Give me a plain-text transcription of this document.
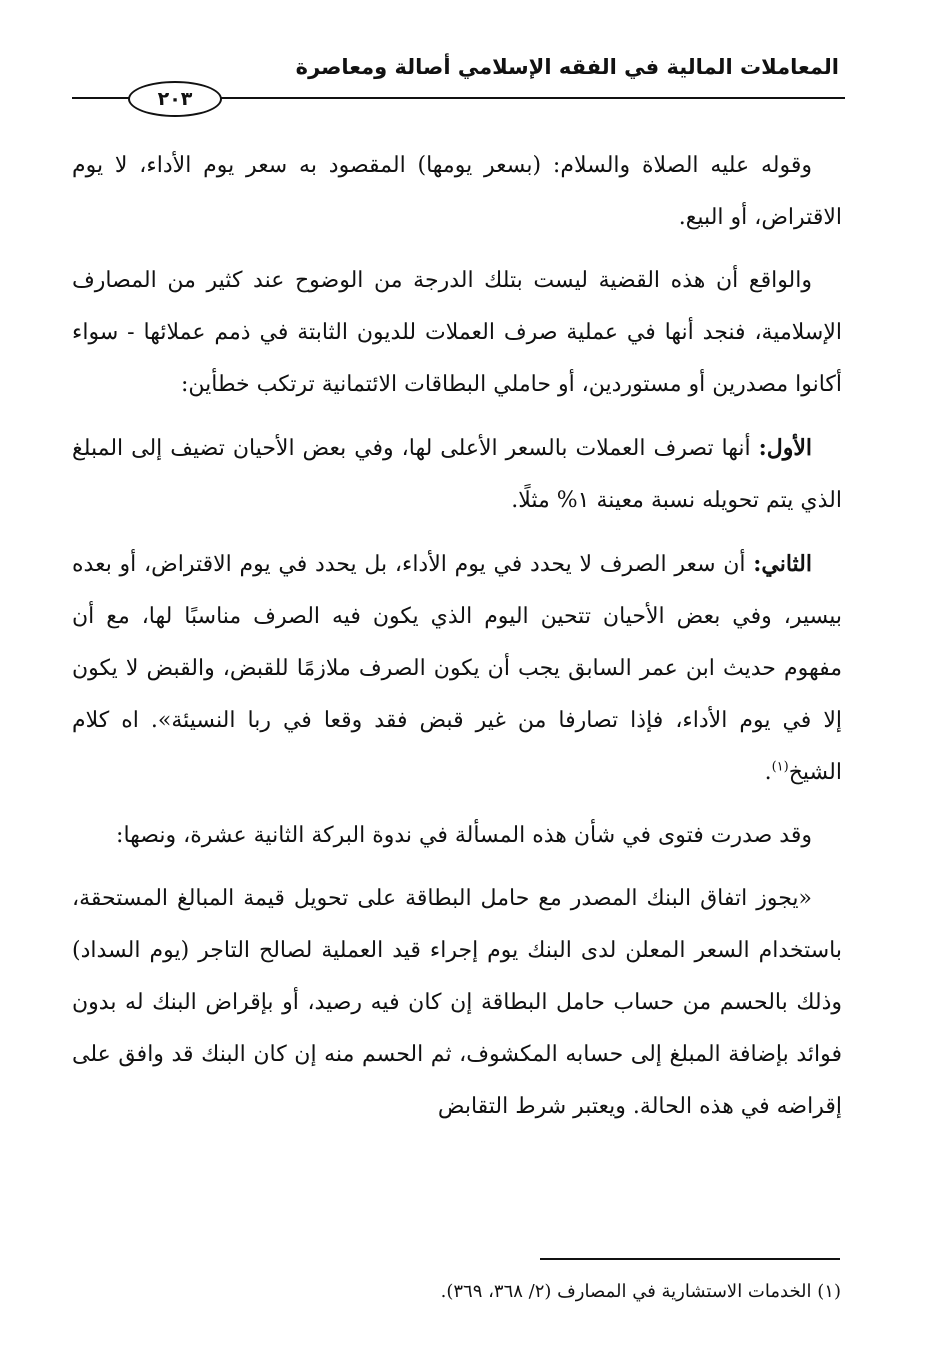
المعاملات المالية في الفقه الإسلامي أصالة ومعاصرة
٢٠٣

وقوله عليه الصلاة والسلام: (بسعر يومها) المقصود به سعر يوم الأداء، لا يوم الاقتراض، أو البيع.

والواقع أن هذه القضية ليست بتلك الدرجة من الوضوح عند كثير من المصارف الإسلامية، فنجد أنها في عملية صرف العملات للديون الثابتة في ذمم عملائها - سواء أكانوا مصدرين أو مستوردين، أو حاملي البطاقات الائتمانية ترتكب خطأين:

الأول: أنها تصرف العملات بالسعر الأعلى لها، وفي بعض الأحيان تضيف إلى المبلغ الذي يتم تحويله نسبة معينة ١% مثلًا.

الثاني: أن سعر الصرف لا يحدد في يوم الأداء، بل يحدد في يوم الاقتراض، أو بعده بيسير، وفي بعض الأحيان تتحين اليوم الذي يكون فيه الصرف مناسبًا لها، مع أن مفهوم حديث ابن عمر السابق يجب أن يكون الصرف ملازمًا للقبض، والقبض لا يكون إلا في يوم الأداء، فإذا تصارفا من غير قبض فقد وقعا في ربا النسيئة». اه كلام الشيخ$^{(١)}$.

وقد صدرت فتوى في شأن هذه المسألة في ندوة البركة الثانية عشرة، ونصها:

«يجوز اتفاق البنك المصدر مع حامل البطاقة على تحويل قيمة المبالغ المستحقة، باستخدام السعر المعلن لدى البنك يوم إجراء قيد العملية لصالح التاجر (يوم السداد) وذلك بالحسم من حساب حامل البطاقة إن كان فيه رصيد، أو بإقراض البنك له بدون فوائد بإضافة المبلغ إلى حسابه المكشوف، ثم الحسم منه إن كان البنك قد وافق على إقراضه في هذه الحالة. ويعتبر شرط التقابض

(١) الخدمات الاستشارية في المصارف (٢/ ٣٦٨، ٣٦٩).
